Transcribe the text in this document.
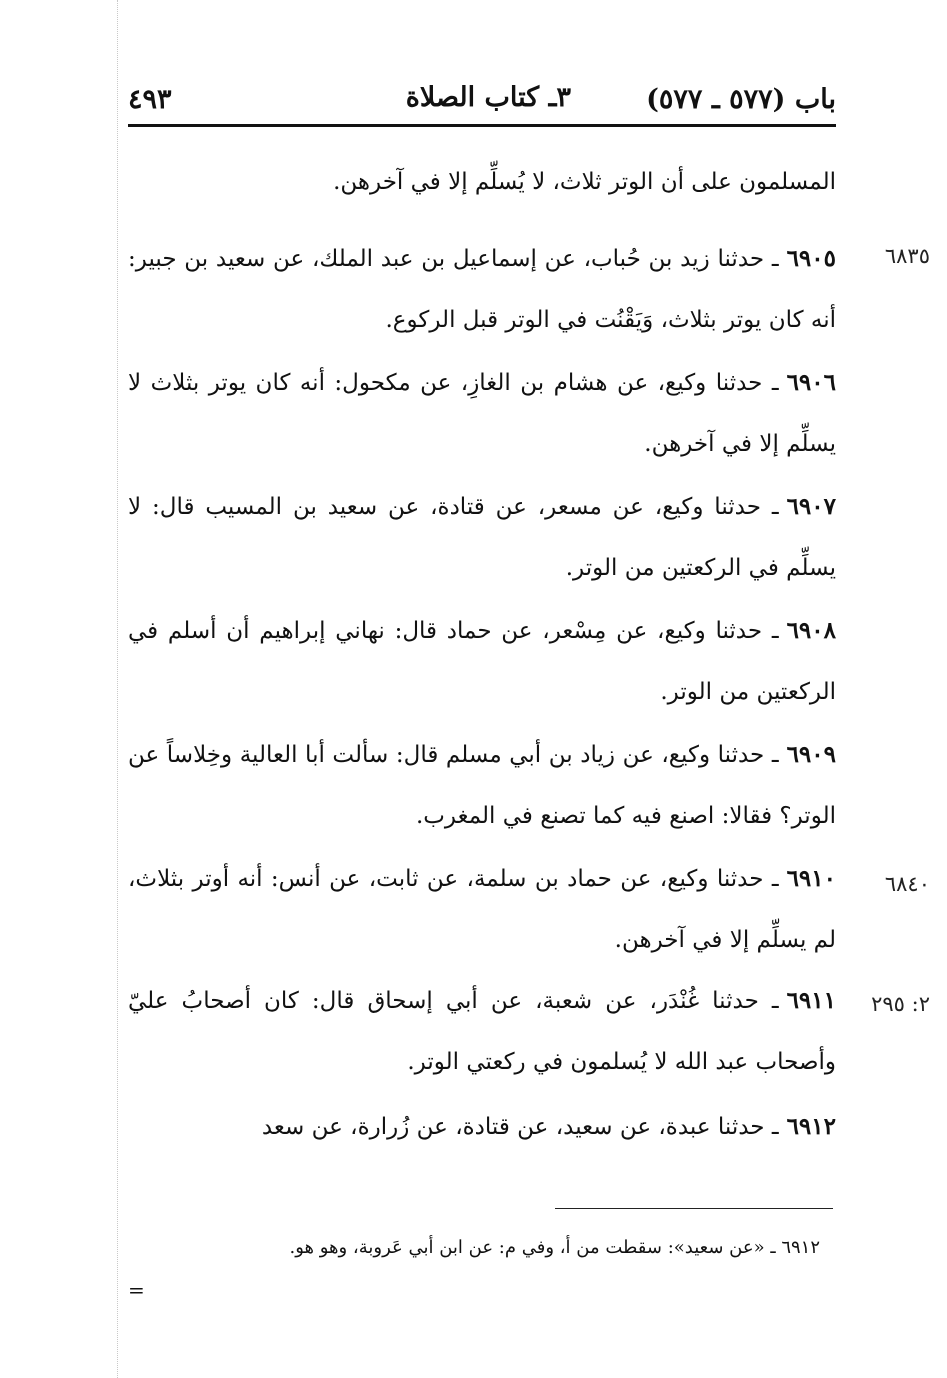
باب (٥٧٧ ـ ٥٧٧)
٣ـ كتاب الصلاة
٤٩٣

المسلمون على أن الوتر ثلاث، لا يُسلِّم إلا في آخرهن.

٦٨٣٥

٦٩٠٥ـ حدثنا زيد بن حُباب، عن إسماعيل بن عبد الملك، عن سعيد بن جبير: أنه كان يوتر بثلاث، وَيَقْنُت في الوتر قبل الركوع.

٦٩٠٦ـ حدثنا وكيع، عن هشام بن الغازِ، عن مكحول: أنه كان يوتر بثلاث لا يسلِّم إلا في آخرهن.

٦٩٠٧ـ حدثنا وكيع، عن مسعر، عن قتادة، عن سعيد بن المسيب قال: لا يسلِّم في الركعتين من الوتر.

٦٩٠٨ـ حدثنا وكيع، عن مِسْعر، عن حماد قال: نهاني إبراهيم أن أسلم في الركعتين من الوتر.

٦٩٠٩ـ حدثنا وكيع، عن زياد بن أبي مسلم قال: سألت أبا العالية وخِلاساً عن الوتر؟ فقالا: اصنع فيه كما تصنع في المغرب.

٦٨٤٠

٦٩١٠ـ حدثنا وكيع، عن حماد بن سلمة، عن ثابت، عن أنس: أنه أوتر بثلاث، لم يسلِّم إلا في آخرهن.

٢: ٢٩٥

٦٩١١ـ حدثنا غُنْدَر، عن شعبة، عن أبي إسحاق قال: كان أصحابُ عليّ وأصحاب عبد الله لا يُسلمون في ركعتي الوتر.

٦٩١٢ـ حدثنا عبدة، عن سعيد، عن قتادة، عن زُرارة، عن سعد

٦٩١٢ ـ «عن سعيد»: سقطت من أ، وفي م: عن ابن أبي عَروبة، وهو هو.
=
